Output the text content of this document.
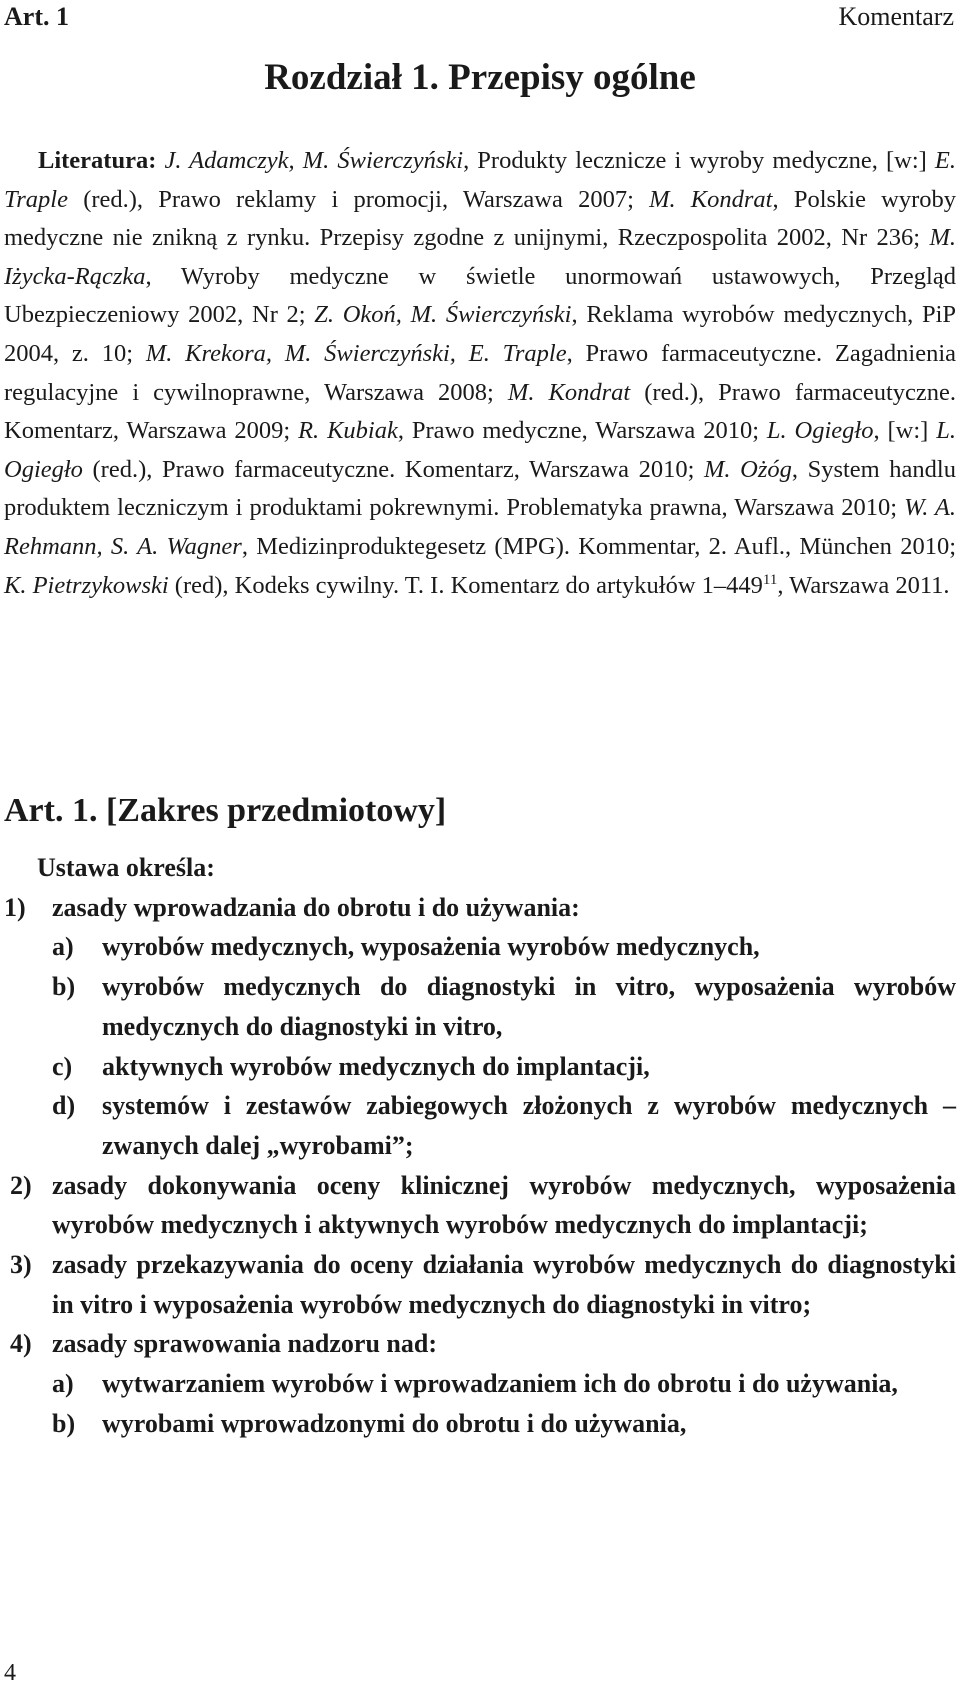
Art. 1	Komentarz
Rozdział 1. Przepisy ogólne
Literatura: J. Adamczyk, M. Świerczyński, Produkty lecznicze i wyroby medyczne, [w:] E. Traple (red.), Prawo reklamy i promocji, Warszawa 2007; M. Kondrat, Polskie wyroby medyczne nie znikną z rynku. Przepisy zgodne z unijnymi, Rzeczpospolita 2002, Nr 236; M. Iżycka-Rączka, Wyroby medyczne w świetle unormowań ustawowych, Przegląd Ubezpieczeniowy 2002, Nr 2; Z. Okoń, M. Świerczyński, Reklama wyrobów medycznych, PiP 2004, z. 10; M. Krekora, M. Świerczyński, E. Traple, Prawo farmaceutyczne. Zagadnienia regulacyjne i cywilnoprawne, Warszawa 2008; M. Kondrat (red.), Prawo farmaceutyczne. Komentarz, Warszawa 2009; R. Kubiak, Prawo medyczne, Warszawa 2010; L. Ogiegło, [w:] L. Ogiegło (red.), Prawo farmaceutyczne. Komentarz, Warszawa 2010; M. Ożóg, System handlu produktem leczniczym i produktami pokrewnymi. Problematyka prawna, Warszawa 2010; W. A. Rehmann, S. A. Wagner, Medizinproduktegesetz (MPG). Kommentar, 2. Aufl., München 2010; K. Pietrzykowski (red), Kodeks cywilny. T. I. Komentarz do artykułów $1-449^{11}$, Warszawa 2011.
Art. 1. [Zakres przedmiotowy]
Ustawa określa:
1) zasady wprowadzania do obrotu i do używania:
a) wyrobów medycznych, wyposażenia wyrobów medycznych,
b) wyrobów medycznych do diagnostyki in vitro, wyposażenia wyrobów medycznych do diagnostyki in vitro,
c) aktywnych wyrobów medycznych do implantacji,
d) systemów i zestawów zabiegowych złożonych z wyrobów medycznych – zwanych dalej „wyrobami”;
2) zasady dokonywania oceny klinicznej wyrobów medycznych, wyposażenia wyrobów medycznych i aktywnych wyrobów medycznych do implantacji;
3) zasady przekazywania do oceny działania wyrobów medycznych do diagnostyki in vitro i wyposażenia wyrobów medycznych do diagnostyki in vitro;
4) zasady sprawowania nadzoru nad:
a) wytwarzaniem wyrobów i wprowadzaniem ich do obrotu i do używania,
b) wyrobami wprowadzonymi do obrotu i do używania,
4
